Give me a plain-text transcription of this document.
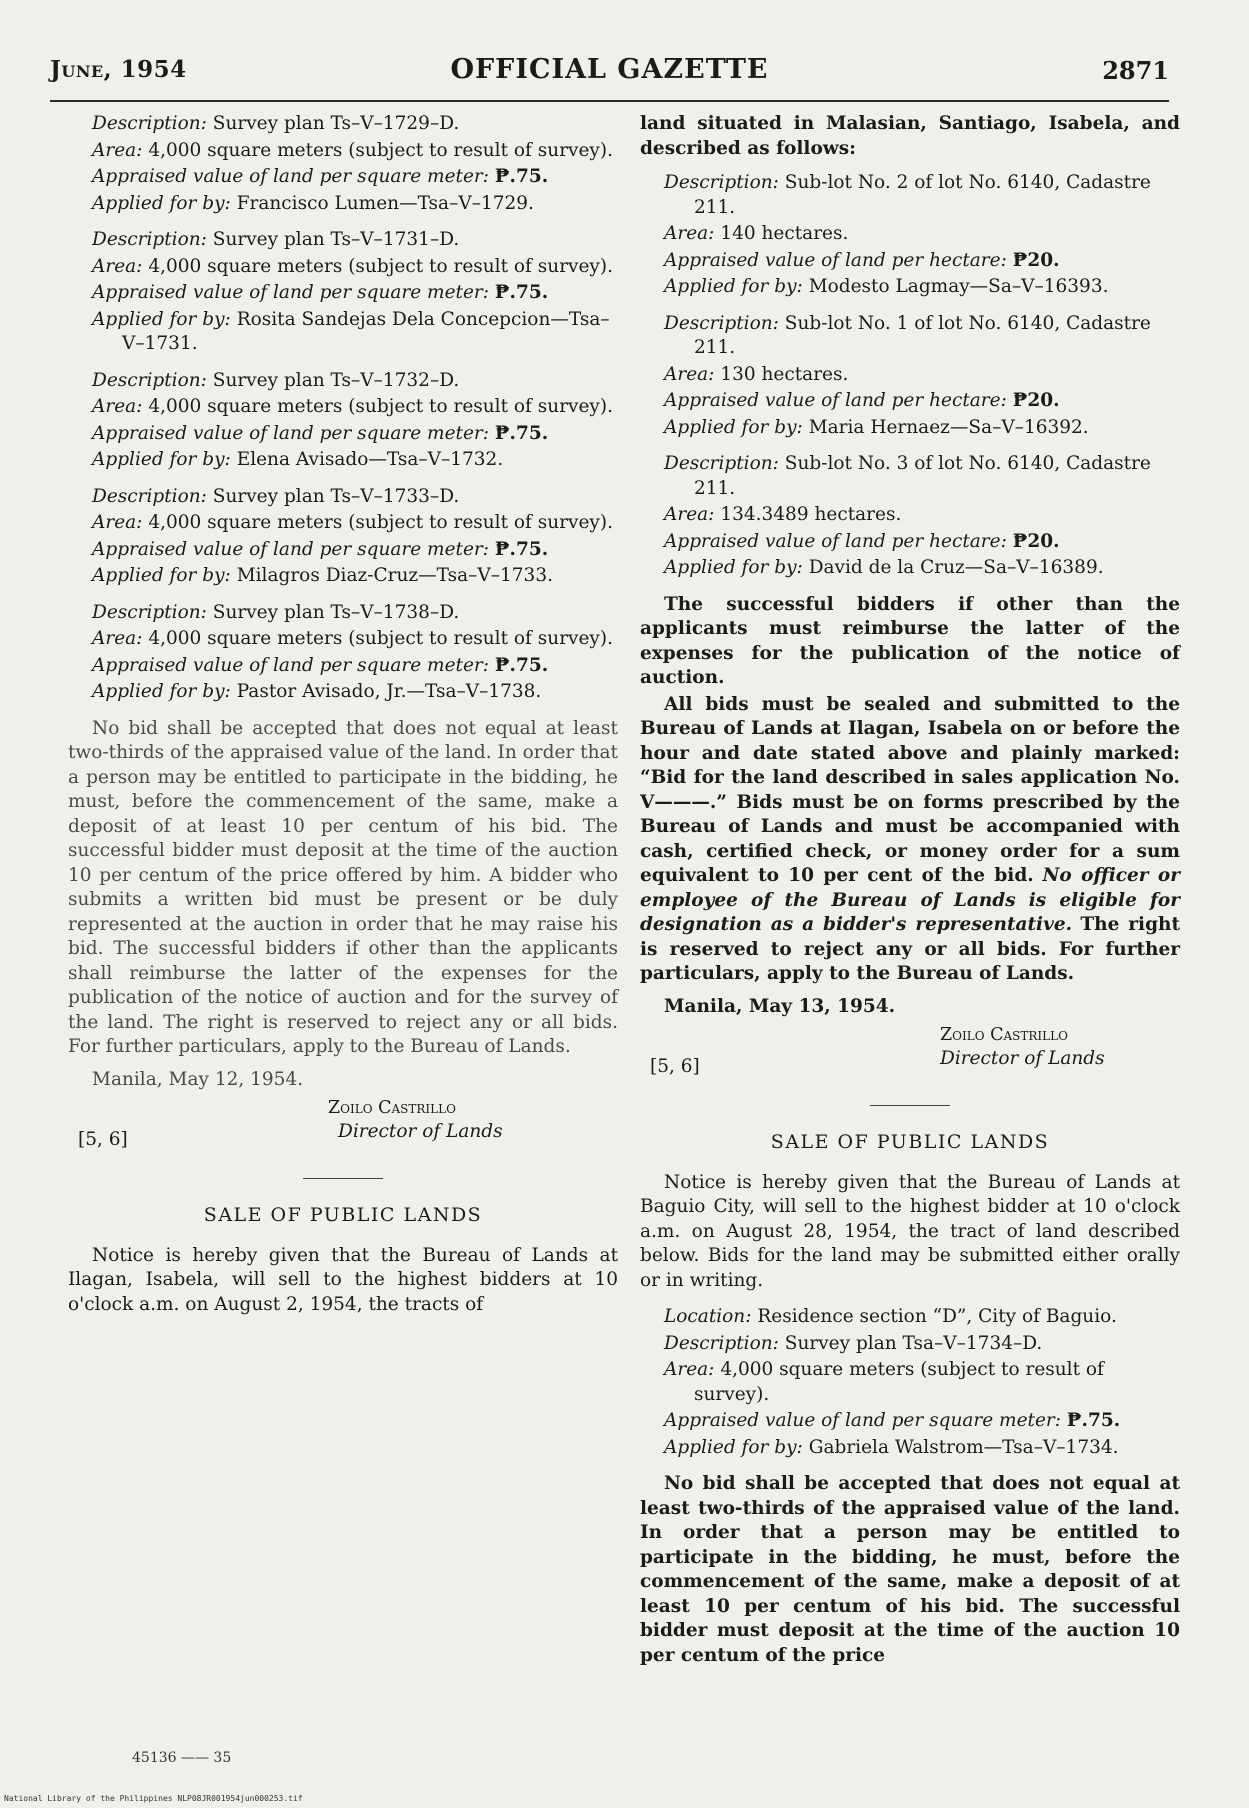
June, 1954	OFFICIAL GAZETTE	2871

Description: Survey plan Ts–V–1729–D.

Area: 4,000 square meters (subject to result of survey).

Appraised value of land per square meter: ₱.75.

Applied for by: Francisco Lumen—Tsa–V–1729.

Description: Survey plan Ts–V–1731–D.

Area: 4,000 square meters (subject to result of survey).

Appraised value of land per square meter: ₱.75.

Applied for by: Rosita Sandejas Dela Concepcion—Tsa–V–1731.

Description: Survey plan Ts–V–1732–D.

Area: 4,000 square meters (subject to result of survey).

Appraised value of land per square meter: ₱.75.

Applied for by: Elena Avisado—Tsa–V–1732.

Description: Survey plan Ts–V–1733–D.

Area: 4,000 square meters (subject to result of survey).

Appraised value of land per square meter: ₱.75.

Applied for by: Milagros Diaz-Cruz—Tsa–V–1733.

Description: Survey plan Ts–V–1738–D.

Area: 4,000 square meters (subject to result of survey).

Appraised value of land per square meter: ₱.75.

Applied for by: Pastor Avisado, Jr.—Tsa–V–1738.

No bid shall be accepted that does not equal at least two-thirds of the appraised value of the land. In order that a person may be entitled to participate in the bidding, he must, before the commencement of the same, make a deposit of at least 10 per centum of his bid. The successful bidder must deposit at the time of the auction 10 per centum of the price offered by him. A bidder who submits a written bid must be present or be duly represented at the auction in order that he may raise his bid. The successful bidders if other than the applicants shall reimburse the latter of the expenses for the publication of the notice of auction and for the survey of the land. The right is reserved to reject any or all bids. For further particulars, apply to the Bureau of Lands.

Manila, May 12, 1954.

Zoilo Castrillo
Director of Lands
[5, 6]
SALE OF PUBLIC LANDS

Notice is hereby given that the Bureau of Lands at Ilagan, Isabela, will sell to the highest bidders at 10 o'clock a.m. on August 2, 1954, the tracts of

land situated in Malasian, Santiago, Isabela, and described as follows:

Description: Sub-lot No. 2 of lot No. 6140, Cadastre 211.

Area: 140 hectares.

Appraised value of land per hectare: ₱20.

Applied for by: Modesto Lagmay—Sa–V–16393.

Description: Sub-lot No. 1 of lot No. 6140, Cadastre 211.

Area: 130 hectares.

Appraised value of land per hectare: ₱20.

Applied for by: Maria Hernaez—Sa–V–16392.

Description: Sub-lot No. 3 of lot No. 6140, Cadastre 211.

Area: 134.3489 hectares.

Appraised value of land per hectare: ₱20.

Applied for by: David de la Cruz—Sa–V–16389.

The successful bidders if other than the applicants must reimburse the latter of the expenses for the publication of the notice of auction.

All bids must be sealed and submitted to the Bureau of Lands at Ilagan, Isabela on or before the hour and date stated above and plainly marked: “Bid for the land described in sales application No. V———.” Bids must be on forms prescribed by the Bureau of Lands and must be accompanied with cash, certified check, or money order for a sum equivalent to 10 per cent of the bid. No officer or employee of the Bureau of Lands is eligible for designation as a bidder's representative. The right is reserved to reject any or all bids. For further particulars, apply to the Bureau of Lands.

Manila, May 13, 1954.

Zoilo Castrillo
Director of Lands
[5, 6]
SALE OF PUBLIC LANDS

Notice is hereby given that the Bureau of Lands at Baguio City, will sell to the highest bidder at 10 o'clock a.m. on August 28, 1954, the tract of land described below. Bids for the land may be submitted either orally or in writing.

Location: Residence section “D”, City of Baguio.

Description: Survey plan Tsa–V–1734–D.

Area: 4,000 square meters (subject to result of survey).

Appraised value of land per square meter: ₱.75.

Applied for by: Gabriela Walstrom—Tsa–V–1734.

No bid shall be accepted that does not equal at least two-thirds of the appraised value of the land. In order that a person may be entitled to participate in the bidding, he must, before the commencement of the same, make a deposit of at least 10 per centum of his bid. The successful bidder must deposit at the time of the auction 10 per centum of the price

45136 —— 35
National Library of the Philippines NLP08JR001954jun000253.tif
